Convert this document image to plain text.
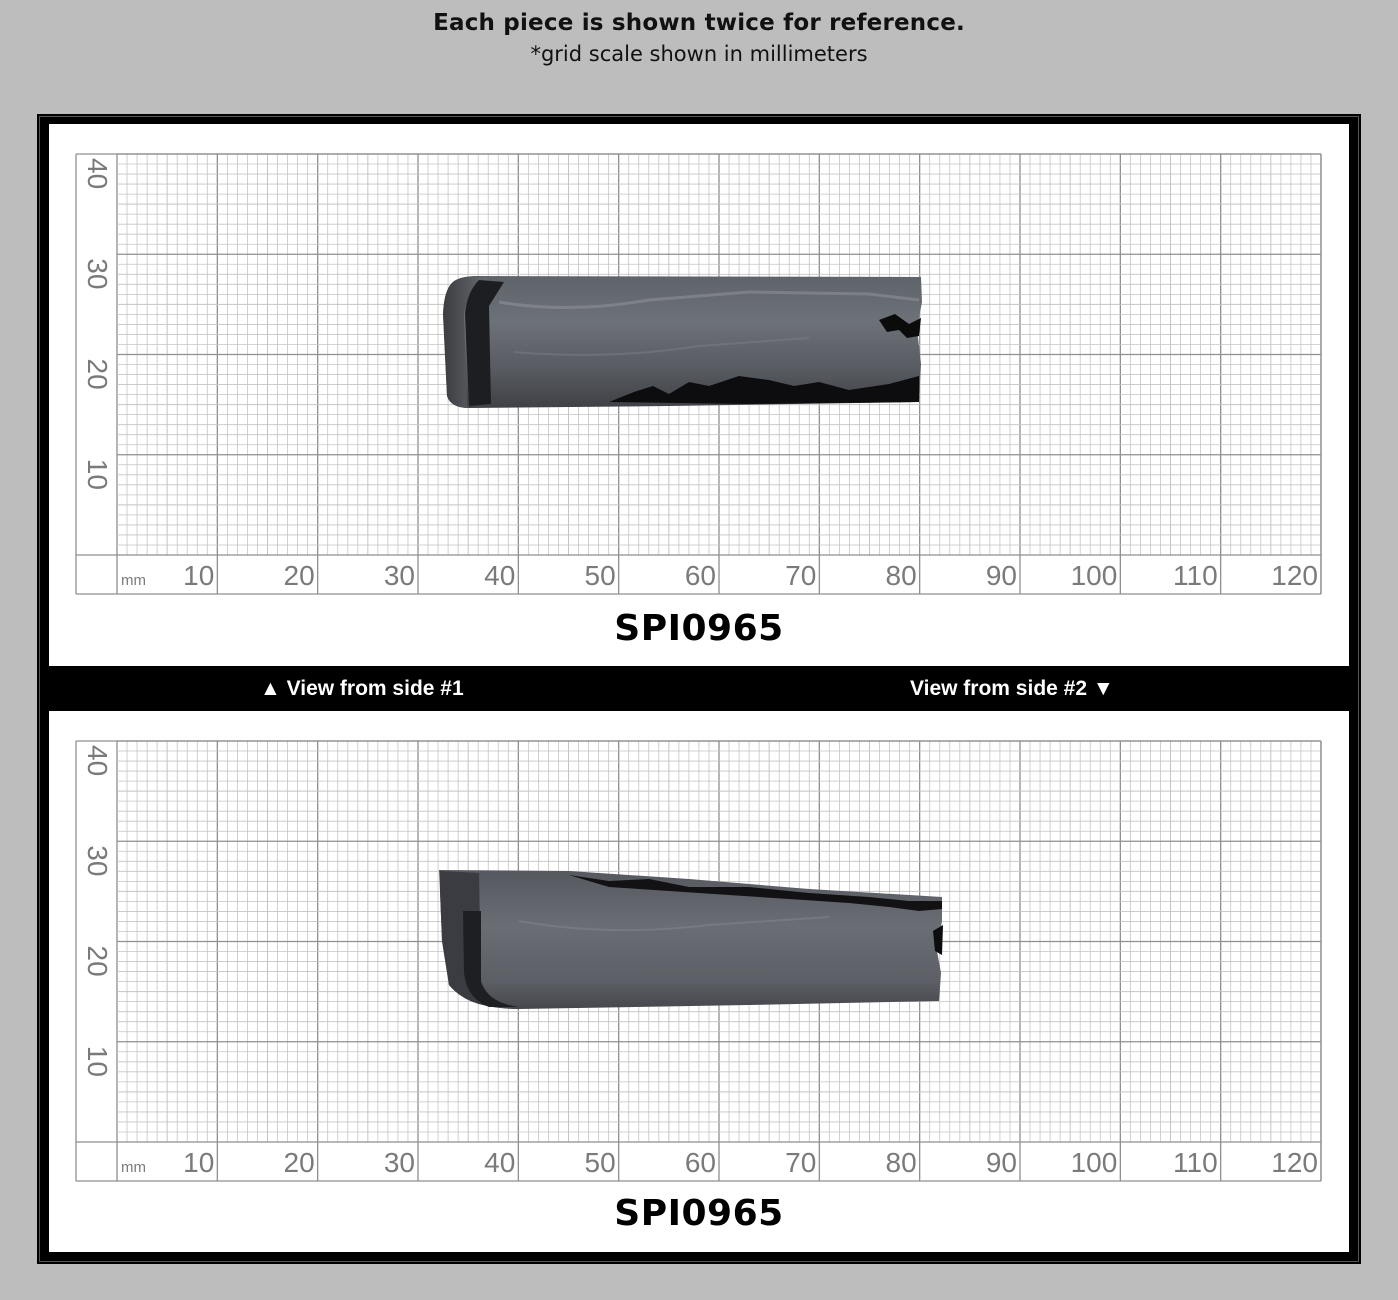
Each piece is shown twice for reference.
*grid scale shown in millimeters
mm 10 20 30 40 50 60 70 80 90 100 110 120
10
20
30
40
SPI0965
▲ View from side #1	View from side #2 ▼
mm 10 20 30 40 50 60 70 80 90 100 110 120
10
20
30
40
SPI0965
